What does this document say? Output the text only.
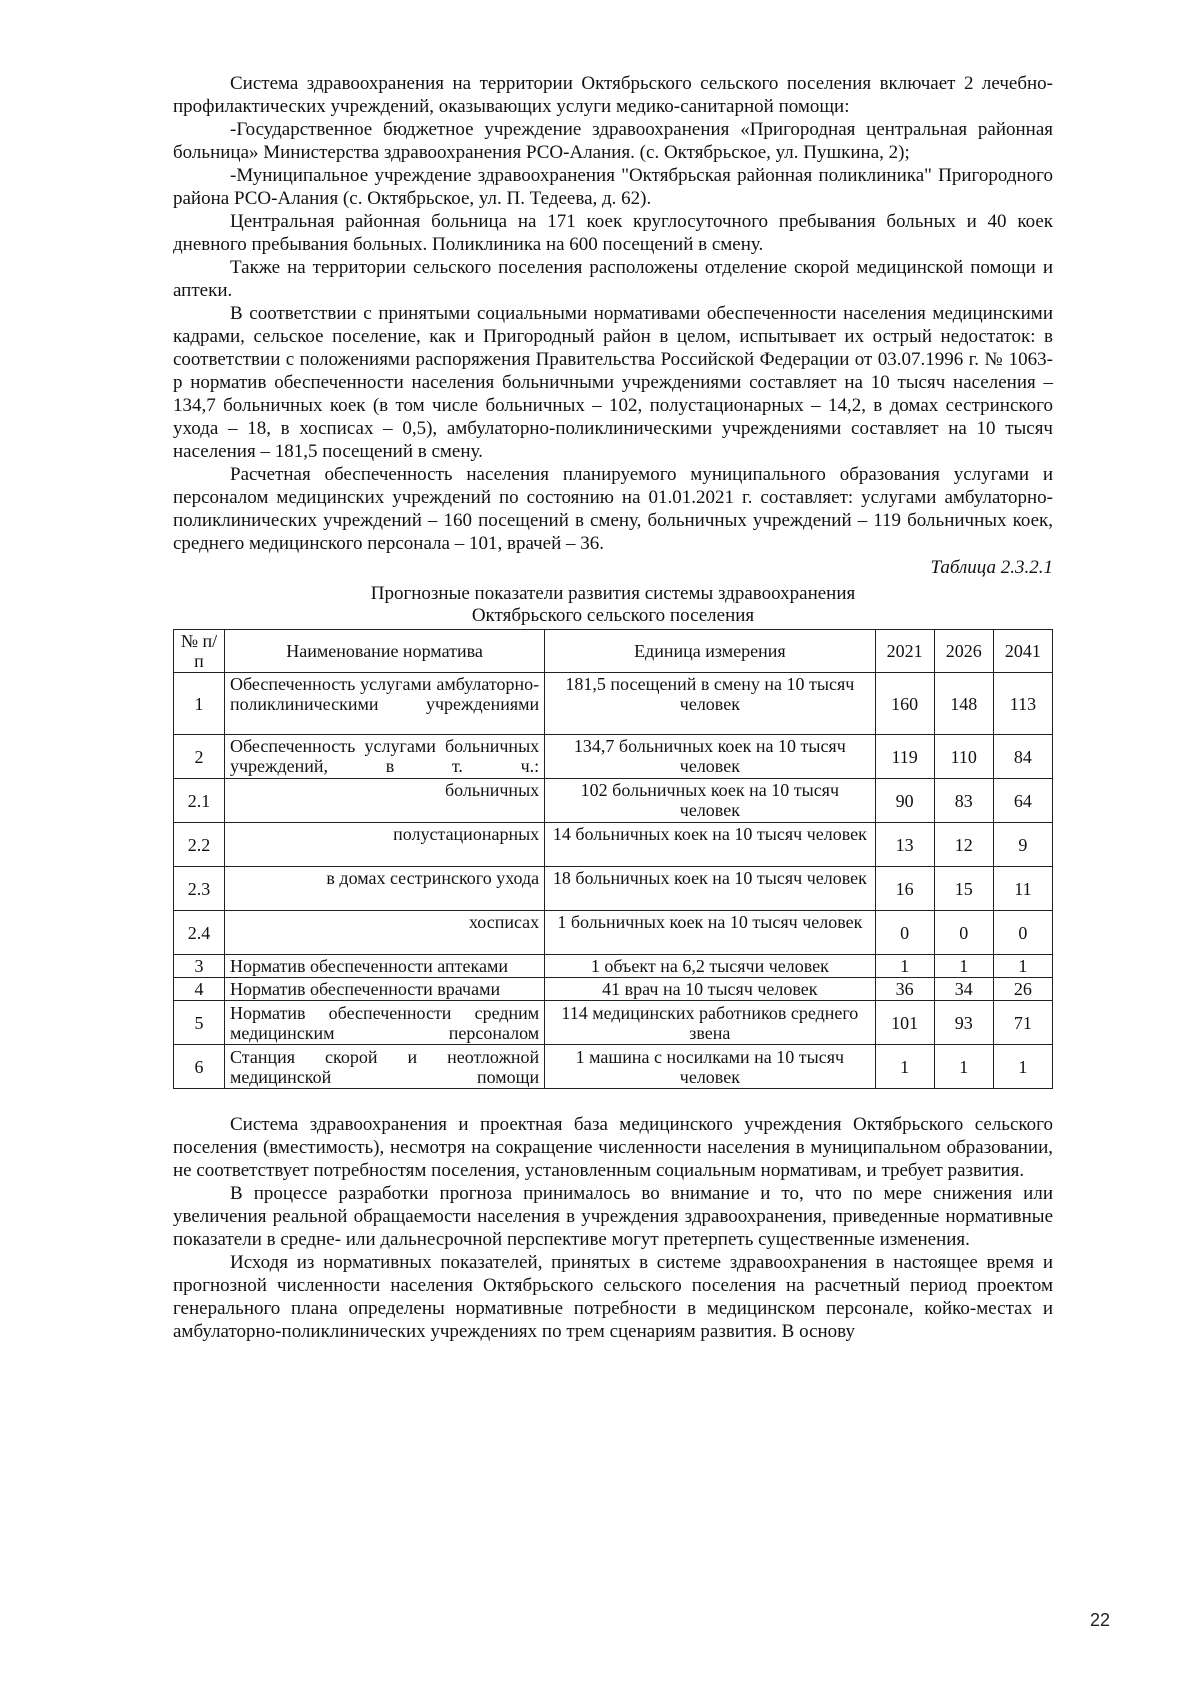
Система здравоохранения на территории Октябрьского сельского поселения включает 2 лечебно-профилактических учреждений, оказывающих услуги медико-санитарной помощи:

-Государственное бюджетное учреждение здравоохранения «Пригородная центральная районная больница» Министерства здравоохранения РСО-Алания. (с. Октябрьское, ул. Пушкина, 2);

-Муниципальное учреждение здравоохранения "Октябрьская районная поликлиника" Пригородного района РСО-Алания (с. Октябрьское, ул. П. Тедеева, д. 62).

Центральная районная больница на 171 коек круглосуточного пребывания больных и 40 коек дневного пребывания больных. Поликлиника на 600 посещений в смену.

Также на территории сельского поселения расположены отделение скорой медицинской помощи и аптеки.

В соответствии с принятыми социальными нормативами обеспеченности населения медицинскими кадрами, сельское поселение, как и Пригородный район в целом, испытывает их острый недостаток: в соответствии с положениями распоряжения Правительства Российской Федерации от 03.07.1996 г. № 1063-р норматив обеспеченности населения больничными учреждениями составляет на 10 тысяч населения – 134,7 больничных коек (в том числе больничных – 102, полустационарных – 14,2, в домах сестринского ухода – 18, в хосписах – 0,5), амбулаторно-поликлиническими учреждениями составляет на 10 тысяч населения – 181,5 посещений в смену.

Расчетная обеспеченность населения планируемого муниципального образования услугами и персоналом медицинских учреждений по состоянию на 01.01.2021 г. составляет: услугами амбулаторно-поликлинических учреждений – 160 посещений в смену, больничных учреждений – 119 больничных коек, среднего медицинского персонала – 101, врачей – 36.

Таблица 2.3.2.1

Прогнозные показатели развития системы здравоохранения

Октябрьского сельского поселения

№ п/п	Наименование норматива	Единица измерения	2021	2026	2041
1	Обеспеченность услугами амбулаторно-поликлиническими учреждениями	181,5 посещений в смену на 10 тысяч человек	160	148	113
2	Обеспеченность услугами больничных учреждений, в т. ч.:	134,7 больничных коек на 10 тысяч человек	119	110	84
2.1	больничных	102 больничных коек на 10 тысяч человек	90	83	64
2.2	полустационарных	14 больничных коек на 10 тысяч человек	13	12	9
2.3	в домах сестринского ухода	18 больничных коек на 10 тысяч человек	16	15	11
2.4	хосписах	1 больничных коек на 10 тысяч человек	0	0	0
3	Норматив обеспеченности аптеками	1 объект на 6,2 тысячи человек	1	1	1
4	Норматив обеспеченности врачами	41 врач на 10 тысяч человек	36	34	26
5	Норматив обеспеченности средним медицинским персоналом	114 медицинских работников среднего звена	101	93	71
6	Станция скорой и неотложной медицинской помощи	1 машина с носилками на 10 тысяч человек	1	1	1

Система здравоохранения и проектная база медицинского учреждения Октябрьского сельского поселения (вместимость), несмотря на сокращение численности населения в муниципальном образовании, не соответствует потребностям поселения, установленным социальным нормативам, и требует развития.

В процессе разработки прогноза принималось во внимание и то, что по мере снижения или увеличения реальной обращаемости населения в учреждения здравоохранения, приведенные нормативные показатели в средне- или дальнесрочной перспективе могут претерпеть существенные изменения.

Исходя из нормативных показателей, принятых в системе здравоохранения в настоящее время и прогнозной численности населения Октябрьского сельского поселения на расчетный период проектом генерального плана определены нормативные потребности в медицинском персонале, койко-местах и амбулаторно-поликлинических учреждениях по трем сценариям развития. В основу

22
